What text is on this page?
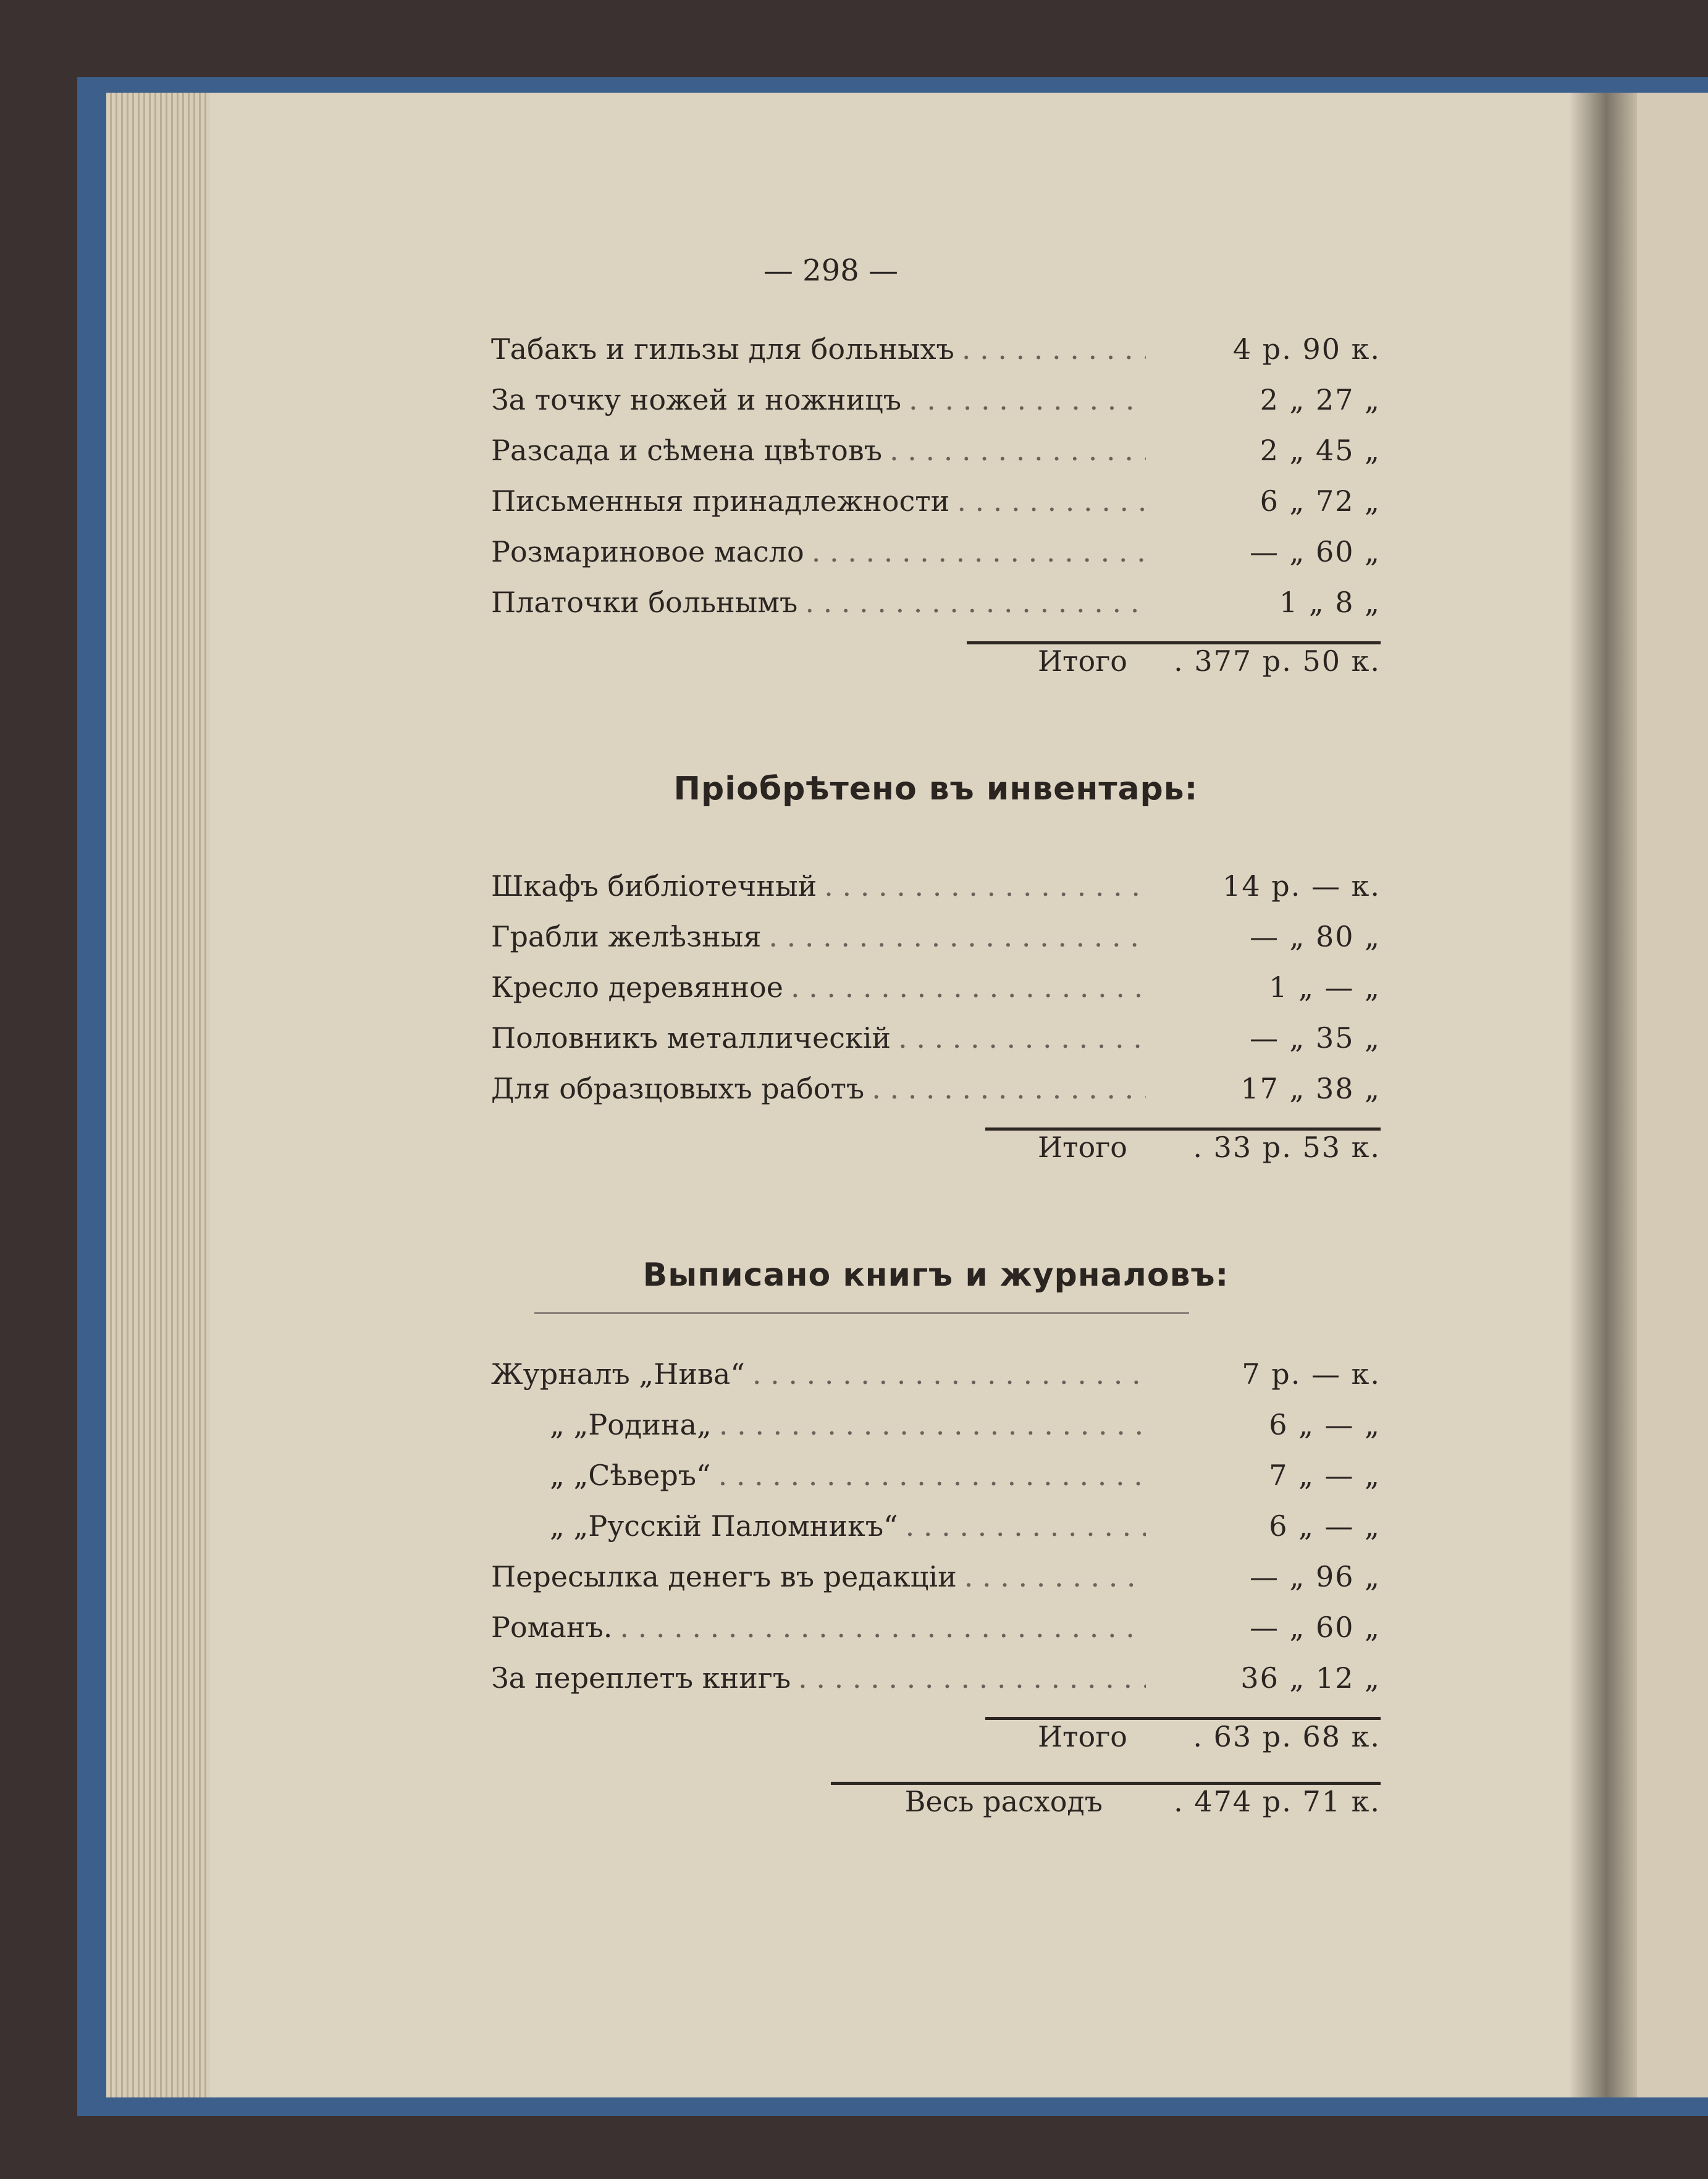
— 298 —
Табакъ и гильзы для больныхъ . . .	4 р. 90 к.
За точку ножей и ножницъ . . .	2 „ 27 „
Разсада и сѣмена цвѣтовъ . . .	2 „ 45 „
Письменныя принадлежности . . .	6 „ 72 „
Розмариновое масло . . .	— „ 60 „
Платочки больнымъ . . .	1 „ 8 „
Итого	. 377 р. 50 к.
Пріобрѣтено въ инвентарь:
Шкафъ библіотечный . . .	14 р. — к.
Грабли желѣзныя . . .	— „ 80 „
Кресло деревянное . . .	1 „ — „
Половникъ металлическій . . .	— „ 35 „
Для образцовыхъ работъ . . .	17 „ 38 „
Итого	. 33 р. 53 к.
Выписано книгъ и журналовъ:
Журналъ „Нива“ . . .	7 р. — к.
„ „Родина„ . . .	6 „ — „
„ „Сѣверъ“ . . .	7 „ — „
„ „Русскій Паломникъ“ . . .	6 „ — „
Пересылка денегъ въ редакціи . . .	— „ 96 „
Романъ. . . .	— „ 60 „
За переплетъ книгъ . . .	36 „ 12 „
Итого	. 63 р. 68 к.
Весь расходъ	. 474 р. 71 к.
